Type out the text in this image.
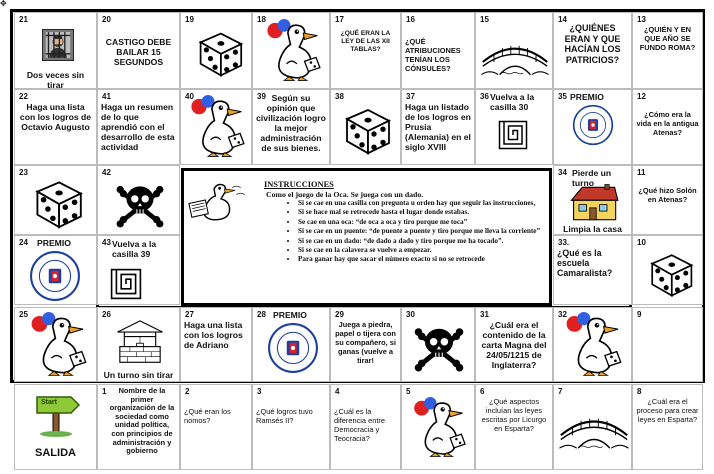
✥
21
Dos veces sin tirar
20
CASTIGO DEBE BAILAR 15 SEGUNDOS
19	18	17
¿QUÉ ERAN LA LEY DE LAS XII TABLAS?
16
¿QUÉ ATRIBUCIONES TENÍAN LOS CÓNSULES?
15	14
¿QUIÉNES ERAN Y QUE HACÍAN LOS PATRICIOS?
13
¿QUIÉN Y EN QUE AÑO SE FUNDO ROMA?
22
Haga una lista con los logros de Octavio Augusto
41
Haga un resumen de lo que aprendió con el desarrollo de esta actividad
40	39 Según su opinión que civilización logro la mejor administración de sus bienes.
38	37
Haga un listado de los logros en Prusia (Alemania) en el siglo XVIII
36 Vuelva a la casilla 30
35 PREMIO	12
¿Cómo era la vida en la antigua Atenas?
23	42	34 Pierde un turno
Limpia la casa
11
¿Qué hizo Solón en Atenas?
24 PREMIO	43 Vuelva a la casilla 39
33.
¿Qué es la escuela Camaralista?
10
INSTRUCCIONES
Como el juego de la Oca. Se juega con un dado.
• Si se cae en una casilla con pregunta u orden hay que seguir las instrucciones,
• Si se hace mal se retrocede hasta el lugar donde estabas.
• Se cae en una oca: “de oca a oca y tiro porque me toca”
• Si se cae en un puente: “de puente a puente y tiro porque me lleva la corriente”
• Si se cae en un dado: “de dado a dado y tiro porque me ha tocado”.
• Si se cae en la calavera se vuelve a empezar.
• Para ganar hay que sacar el número exacto si no se retrocede
25	26
Un turno sin tirar
27
Haga una lista con los logros de Adriano
28 PREMIO	29
Juega a piedra, papel o tijera con su compañero, si ganas (vuelve a tirar!
30	31
¿Cuál era el contenido de la carta Magna del 24/05/1215 de Inglaterra?
32	9
Start
SALIDA
1	Nombre de la primer organización de la sociedad como unidad política, con principios de administración y gobierno
2
¿Qué eran los nomos?
3
¿Qué logros tuvo Ramsés II?
4
¿Cuál es la diferencia entre Democracia y Teocracia?
5	6
¿Qué aspectos incluían las leyes escritas por Licurgo en Esparta?
7	8
¿Cuál era el proceso para crear leyes en Esparta?
